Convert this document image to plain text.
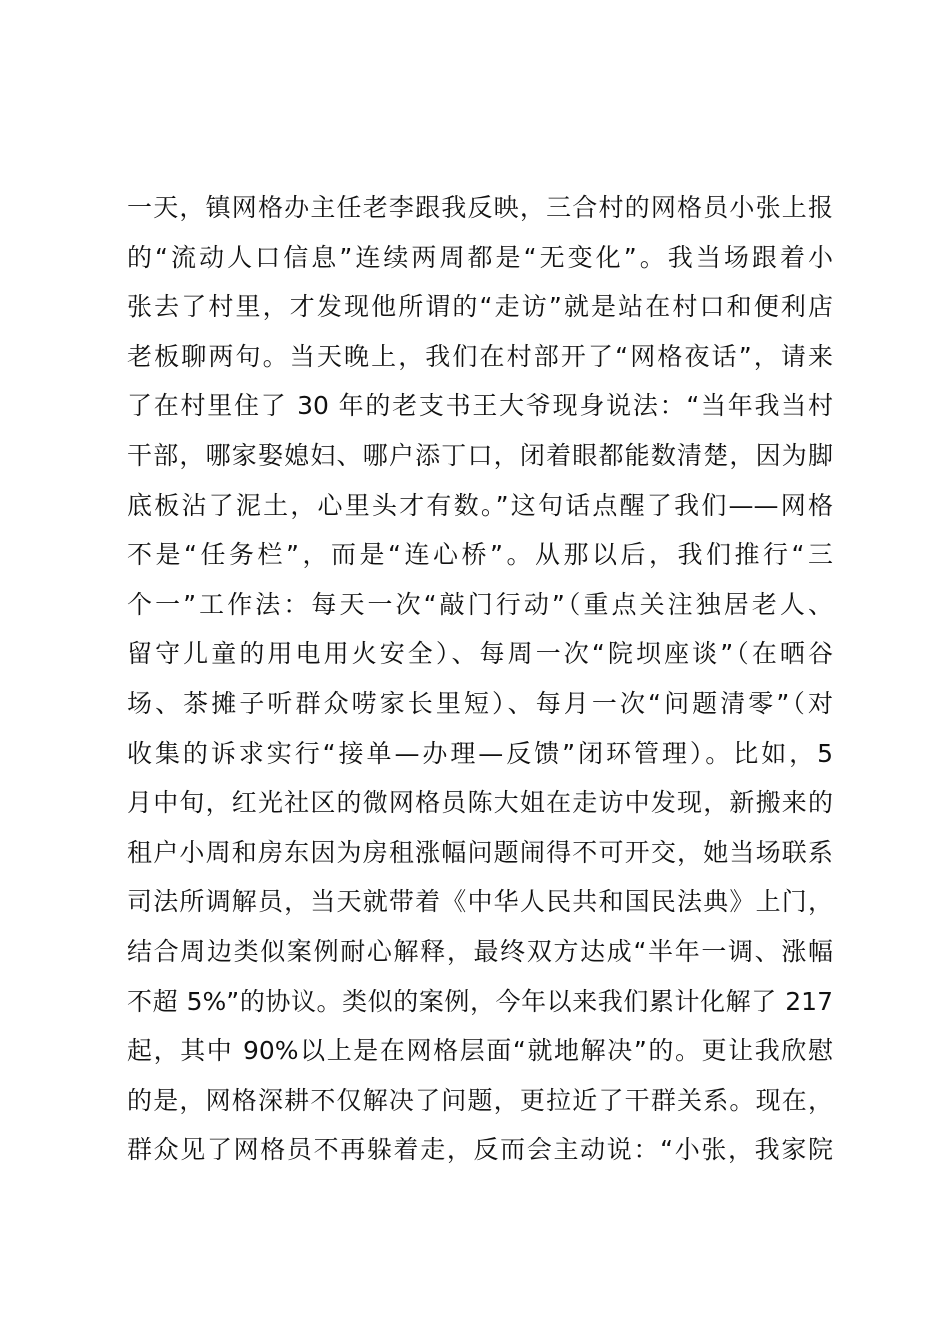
一天，镇网格办主任老李跟我反映，三合村的网格员小张上报
的“流动人口信息”连续两周都是“无变化”。我当场跟着小
张去了村里，才发现他所谓的“走访”就是站在村口和便利店
老板聊两句。当天晚上，我们在村部开了“网格夜话”，请来
了在村里住了 30 年的老支书王大爷现身说法：“当年我当村
干部，哪家娶媳妇、哪户添丁口，闭着眼都能数清楚，因为脚
底板沾了泥土，心里头才有数。”这句话点醒了我们——网格
不是“任务栏”，而是“连心桥”。从那以后，我们推行“三
个一”工作法：每天一次“敲门行动”（重点关注独居老人、
留守儿童的用电用火安全）、每周一次“院坝座谈”（在晒谷
场、茶摊子听群众唠家长里短）、每月一次“问题清零”（对
收集的诉求实行“接单—办理—反馈”闭环管理）。比如，5
月中旬，红光社区的微网格员陈大姐在走访中发现，新搬来的
租户小周和房东因为房租涨幅问题闹得不可开交，她当场联系
司法所调解员，当天就带着《中华人民共和国民法典》上门，
结合周边类似案例耐心解释，最终双方达成“半年一调、涨幅
不超 5%”的协议。类似的案例，今年以来我们累计化解了 217
起，其中 90%以上是在网格层面“就地解决”的。更让我欣慰
的是，网格深耕不仅解决了问题，更拉近了干群关系。现在，
群众见了网格员不再躲着走，反而会主动说：“小张，我家院
